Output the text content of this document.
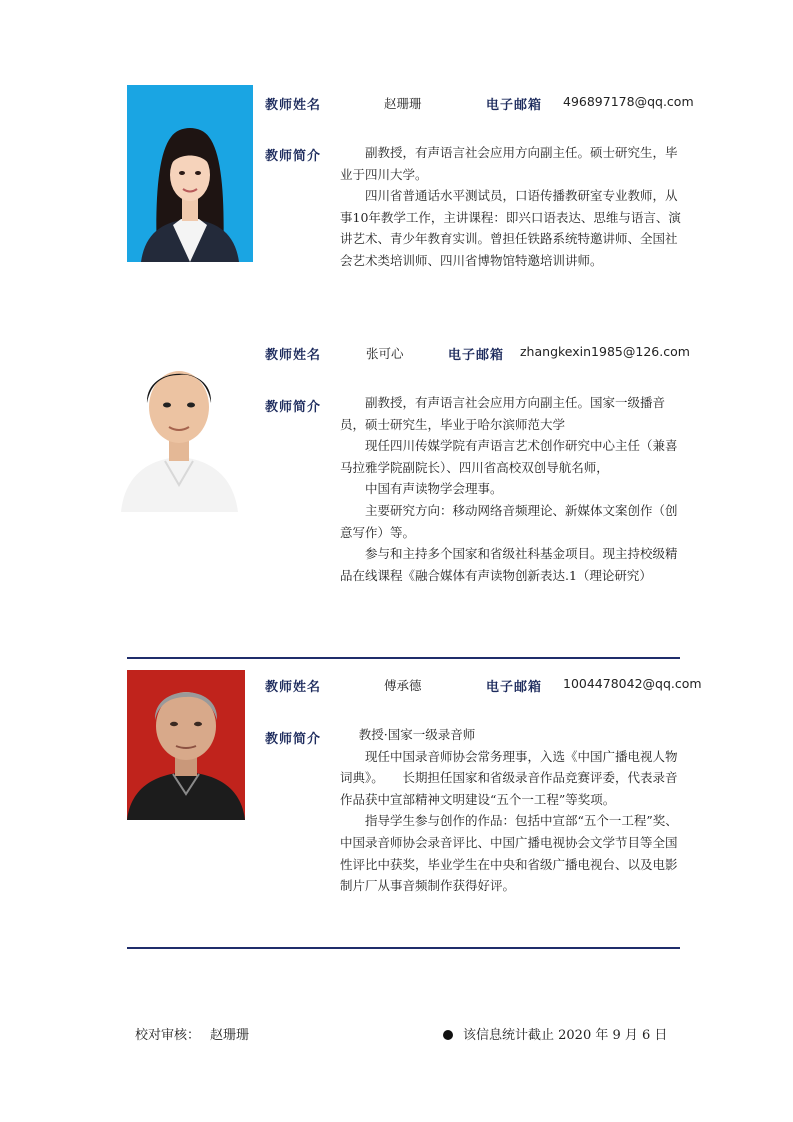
教师姓名	赵珊珊	电子邮箱 496897178@qq.com
教师简介	副教授，有声语言社会应用方向副主任。硕士研究生，毕业于四川大学。

四川省普通话水平测试员，口语传播教研室专业教师，从事10年教学工作，主讲课程：即兴口语表达、思维与语言、演讲艺术、青少年教育实训。曾担任铁路系统特邀讲师、全国社会艺术类培训师、四川省博物馆特邀培训讲师。

教师姓名	张可心	电子邮箱 zhangkexin1985@126.com
教师简介	副教授，有声语言社会应用方向副主任。国家一级播音员，硕士研究生，毕业于哈尔滨师范大学

现任四川传媒学院有声语言艺术创作研究中心主任（兼喜马拉雅学院副院长）、四川省高校双创导航名师，

中国有声读物学会理事。

主要研究方向：移动网络音频理论、新媒体文案创作（创意写作）等。

参与和主持多个国家和省级社科基金项目。现主持校级精品在线课程《融合媒体有声读物创新表达.1（理论研究）

教师姓名	傅承德	电子邮箱 1004478042@qq.com
教师简介	教授·国家一级录音师

现任中国录音师协会常务理事，入选《中国广播电视人物词典》。　　长期担任国家和省级录音作品竞赛评委，代表录音作品获中宣部精神文明建设“五个一工程”等奖项。

指导学生参与创作的作品：包括中宣部“五个一工程”奖、中国录音师协会录音评比、中国广播电视协会文学节目等全国性评比中获奖，毕业学生在中央和省级广播电视台、以及电影制片厂从事音频制作获得好评。

校对审核： 赵珊珊	该信息统计截止 2020 年 9 月 6 日
